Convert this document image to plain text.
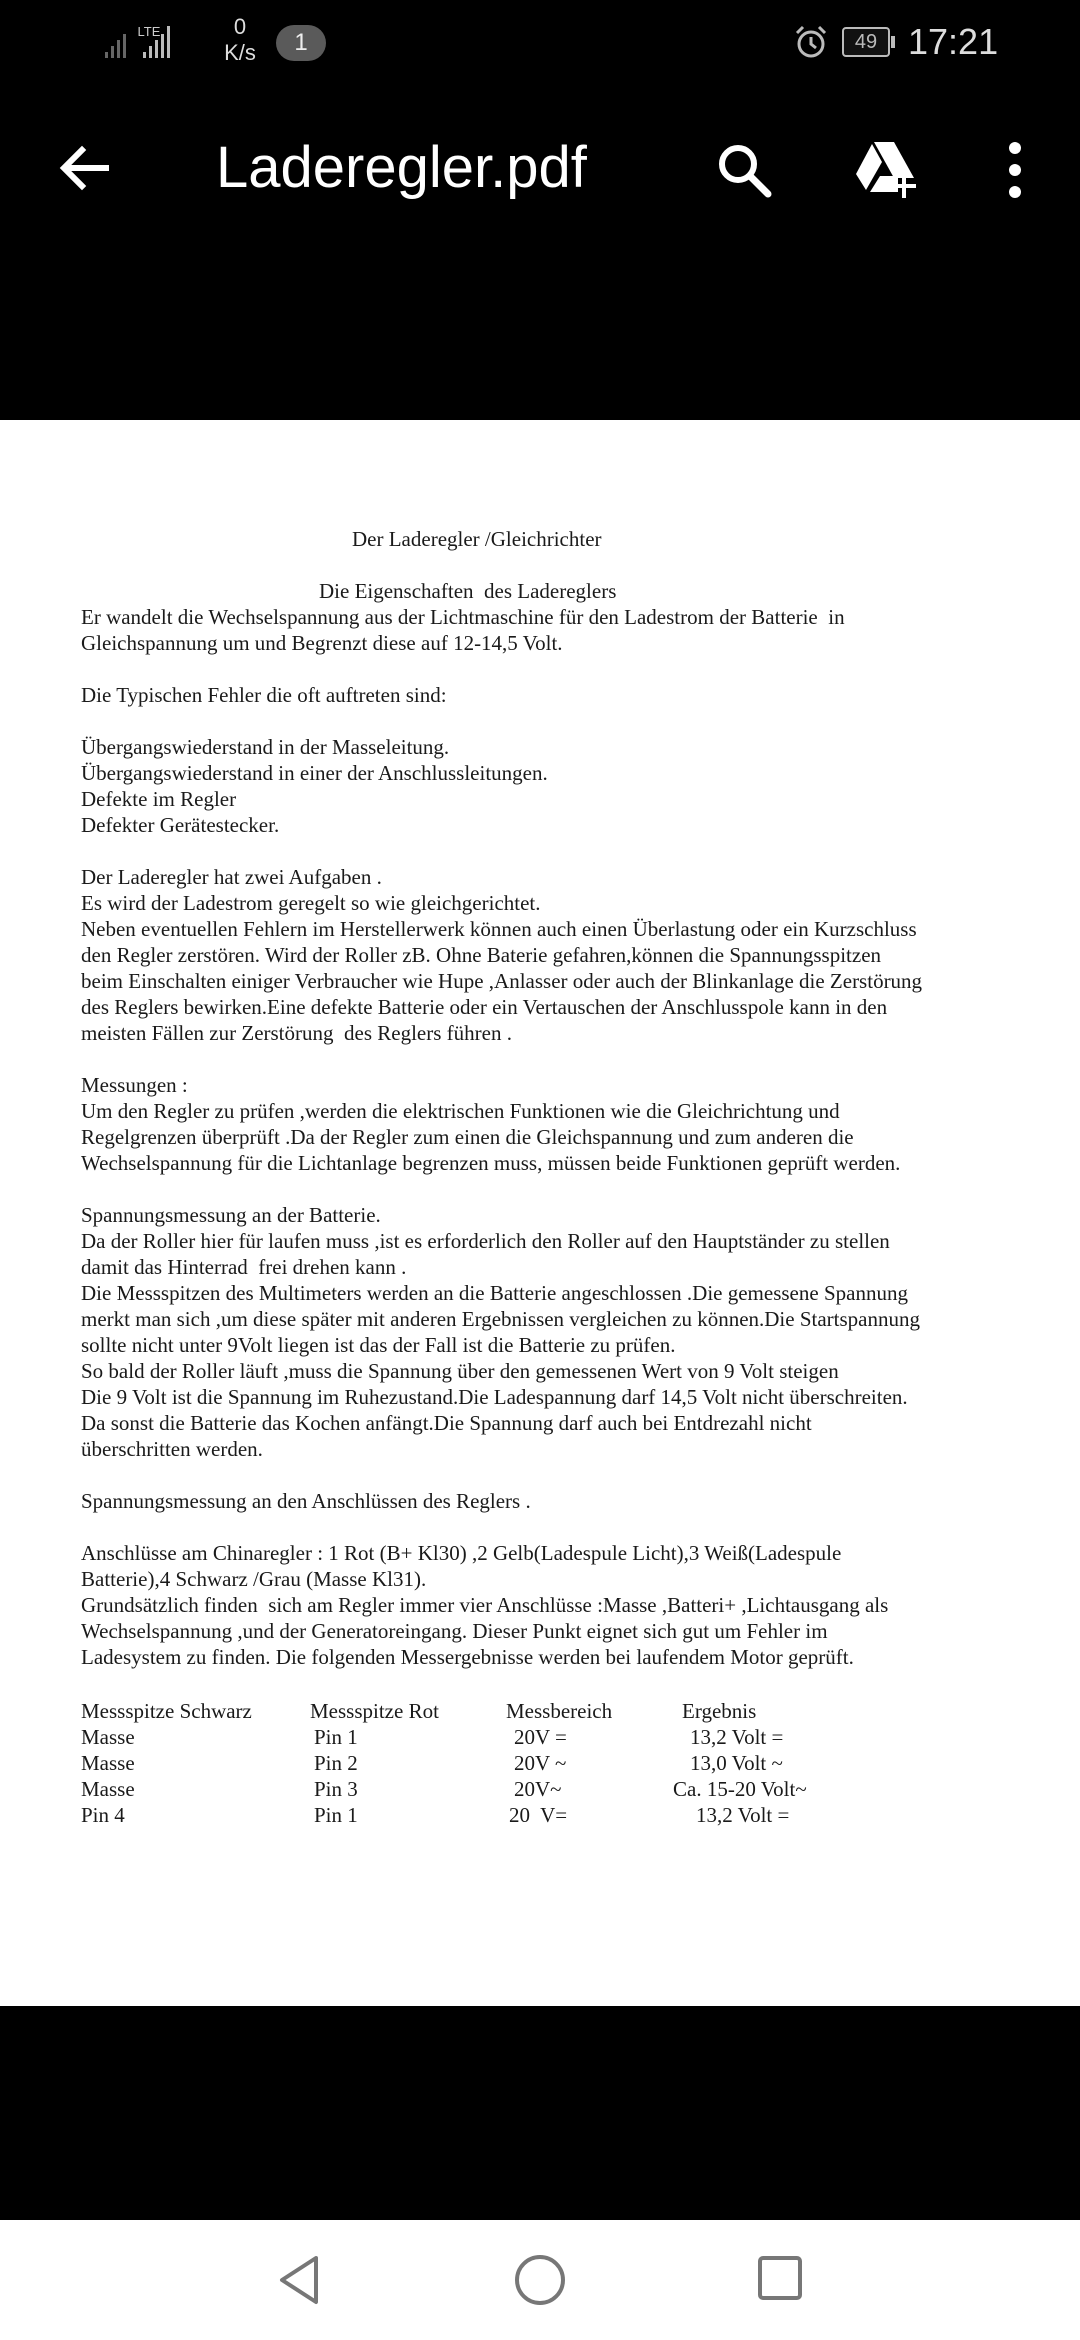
LTE	0
K/s	1	49 17:21
Laderegler.pdf
Der Laderegler /Gleichrichter
Die Eigenschaften  des Ladereglers
Er wandelt die Wechselspannung aus der Lichtmaschine für den Ladestrom der Batterie  in
Gleichspannung um und Begrenzt diese auf 12-14,5 Volt.
Die Typischen Fehler die oft auftreten sind:
Übergangswiederstand in der Masseleitung.
Übergangswiederstand in einer der Anschlussleitungen.
Defekte im Regler
Defekter Gerätestecker.
Der Laderegler hat zwei Aufgaben .
Es wird der Ladestrom geregelt so wie gleichgerichtet.
Neben eventuellen Fehlern im Herstellerwerk können auch einen Überlastung oder ein Kurzschluss
den Regler zerstören. Wird der Roller zB. Ohne Baterie gefahren,können die Spannungsspitzen
beim Einschalten einiger Verbraucher wie Hupe ,Anlasser oder auch der Blinkanlage die Zerstörung
des Reglers bewirken.Eine defekte Batterie oder ein Vertauschen der Anschlusspole kann in den
meisten Fällen zur Zerstörung  des Reglers führen .
Messungen :
Um den Regler zu prüfen ,werden die elektrischen Funktionen wie die Gleichrichtung und
Regelgrenzen überprüft .Da der Regler zum einen die Gleichspannung und zum anderen die
Wechselspannung für die Lichtanlage begrenzen muss, müssen beide Funktionen geprüft werden.
Spannungsmessung an der Batterie.
Da der Roller hier für laufen muss ,ist es erforderlich den Roller auf den Hauptständer zu stellen
damit das Hinterrad  frei drehen kann .
Die Messspitzen des Multimeters werden an die Batterie angeschlossen .Die gemessene Spannung
merkt man sich ,um diese später mit anderen Ergebnissen vergleichen zu können.Die Startspannung
sollte nicht unter 9Volt liegen ist das der Fall ist die Batterie zu prüfen.
So bald der Roller läuft ,muss die Spannung über den gemessenen Wert von 9 Volt steigen
Die 9 Volt ist die Spannung im Ruhezustand.Die Ladespannung darf 14,5 Volt nicht überschreiten.
Da sonst die Batterie das Kochen anfängt.Die Spannung darf auch bei Entdrezahl nicht
überschritten werden.
Spannungsmessung an den Anschlüssen des Reglers .
Anschlüsse am Chinaregler : 1 Rot (B+ Kl30) ,2 Gelb(Ladespule Licht),3 Weiß(Ladespule
Batterie),4 Schwarz /Grau (Masse Kl31).
Grundsätzlich finden  sich am Regler immer vier Anschlüsse :Masse ,Batteri+ ,Lichtausgang als
Wechselspannung ,und der Generatoreingang. Dieser Punkt eignet sich gut um Fehler im
Ladesystem zu finden. Die folgenden Messergebnisse werden bei laufendem Motor geprüft.
Messspitze Schwarz	Messspitze Rot	Messbereich	Ergebnis
Masse	Pin 1	20V =	13,2 Volt =
Masse	Pin 2	20V ~	13,0 Volt ~
Masse	Pin 3	20V~	Ca. 15-20 Volt~
Pin 4	Pin 1	20  V=	13,2 Volt =
